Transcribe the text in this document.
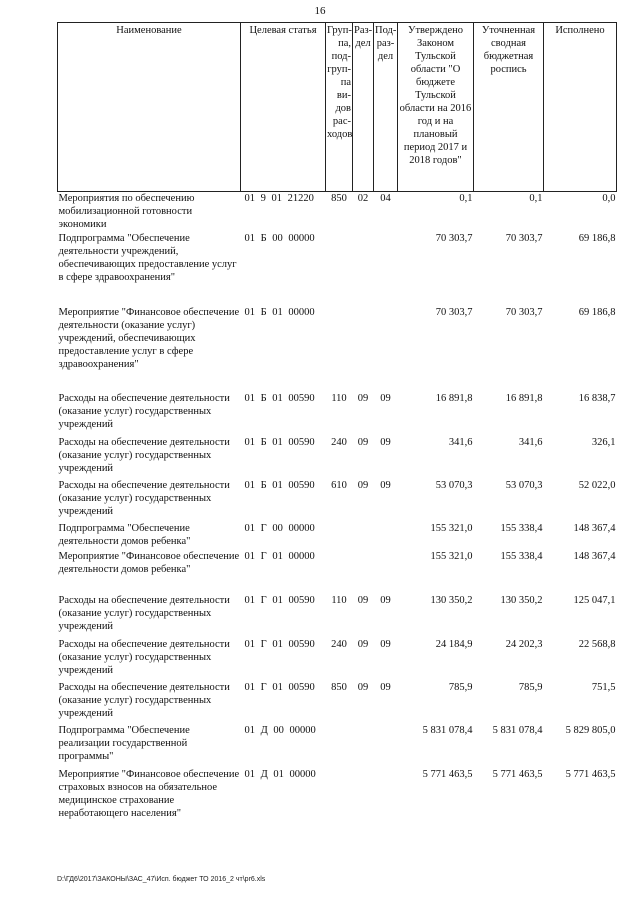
16
Наименование	Целевая статья	Груп-па, под-груп-па ви-дов рас-ходов	Раз-дел	Под-раз-дел	Утверждено Законом Тульской области "О бюджете Тульской области на 2016 год и на плановый период 2017 и 2018 годов"	Уточненная сводная бюджетная роспись	Исполнено
Мероприятия по обеспечению мобилизационной готовности экономики	01 9 01 21220	850	02	04	0,1	0,1	0,0
Подпрограмма "Обеспечение деятельности учреждений, обеспечивающих предоставление услуг в сфере здравоохранения"	01 Б 00 00000				70 303,7	70 303,7	69 186,8
Мероприятие "Финансовое обеспечение деятельности (оказание услуг) учреждений, обеспечивающих предоставление услуг в сфере здравоохранения"	01 Б 01 00000				70 303,7	70 303,7	69 186,8
Расходы на обеспечение деятельности (оказание услуг) государственных учреждений	01 Б 01 00590	110	09	09	16 891,8	16 891,8	16 838,7
Расходы на обеспечение деятельности (оказание услуг) государственных учреждений	01 Б 01 00590	240	09	09	341,6	341,6	326,1
Расходы на обеспечение деятельности (оказание услуг) государственных учреждений	01 Б 01 00590	610	09	09	53 070,3	53 070,3	52 022,0
Подпрограмма "Обеспечение деятельности домов ребенка"	01 Г 00 00000				155 321,0	155 338,4	148 367,4
Мероприятие "Финансовое обеспечение деятельности домов ребенка"	01 Г 01 00000				155 321,0	155 338,4	148 367,4
Расходы на обеспечение деятельности (оказание услуг) государственных учреждений	01 Г 01 00590	110	09	09	130 350,2	130 350,2	125 047,1
Расходы на обеспечение деятельности (оказание услуг) государственных учреждений	01 Г 01 00590	240	09	09	24 184,9	24 202,3	22 568,8
Расходы на обеспечение деятельности (оказание услуг) государственных учреждений	01 Г 01 00590	850	09	09	785,9	785,9	751,5
Подпрограмма "Обеспечение реализации государственной программы"	01 Д 00 00000				5 831 078,4	5 831 078,4	5 829 805,0
Мероприятие "Финансовое обеспечение страховых взносов на обязательное медицинское страхование неработающего населения"	01 Д 01 00000				5 771 463,5	5 771 463,5	5 771 463,5
D:\ГД6\2017\ЗАКОНЫ\ЗАС_47\Исп. бюджет ТО 2016_2 чт\pr6.xls
